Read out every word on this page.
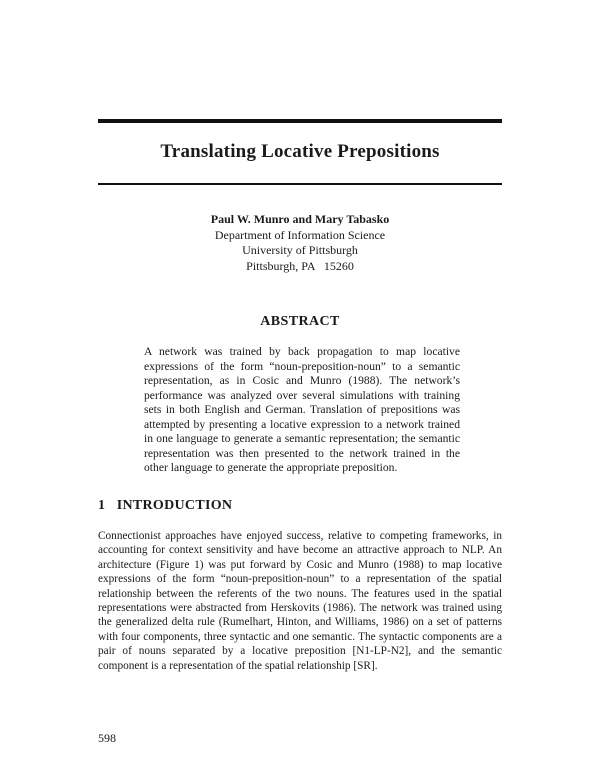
Translating Locative Prepositions
Paul W. Munro and Mary Tabasko
Department of Information Science
University of Pittsburgh
Pittsburgh, PA   15260
ABSTRACT

A network was trained by back propagation to map locative expressions of the form “noun-preposition-noun” to a semantic representation, as in Cosic and Munro (1988). The network’s performance was analyzed over several simulations with training sets in both English and German. Translation of prepositions was attempted by presenting a locative expression to a network trained in one language to generate a semantic representation; the semantic representation was then presented to the network trained in the other language to generate the appropriate preposition.

1   INTRODUCTION

Connectionist approaches have enjoyed success, relative to competing frameworks, in accounting for context sensitivity and have become an attractive approach to NLP. An architecture (Figure 1) was put forward by Cosic and Munro (1988) to map locative expressions of the form “noun-preposition-noun” to a representation of the spatial relationship between the referents of the two nouns. The features used in the spatial representations were abstracted from Herskovits (1986). The network was trained using the generalized delta rule (Rumelhart, Hinton, and Williams, 1986) on a set of patterns with four components, three syntactic and one semantic. The syntactic components are a pair of nouns separated by a locative preposition [N1-LP-N2], and the semantic component is a representation of the spatial relationship [SR].

598
